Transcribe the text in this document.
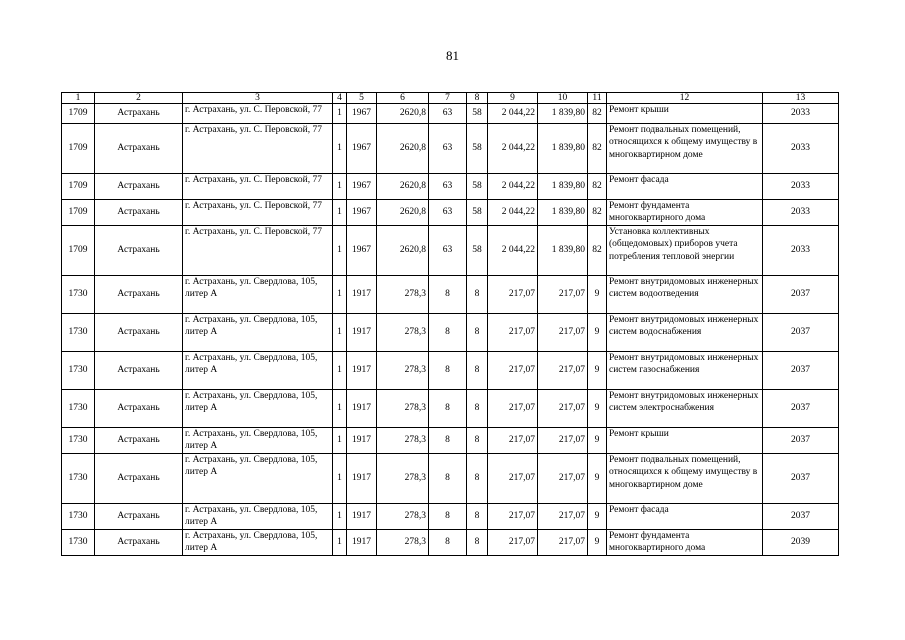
81
1	2	3	4	5	6	7	8	9	10	11	12	13
1709	Астрахань	г. Астрахань, ул. С. Перовской, 77	1	1967	2620,8	63	58	2 044,22	1 839,80	82	Ремонт крыши	2033
1709	Астрахань	г. Астрахань, ул. С. Перовской, 77	1	1967	2620,8	63	58	2 044,22	1 839,80	82	Ремонт подвальных помещений, относящихся к общему имуществу в многоквартирном доме	2033
1709	Астрахань	г. Астрахань, ул. С. Перовской, 77	1	1967	2620,8	63	58	2 044,22	1 839,80	82	Ремонт фасада	2033
1709	Астрахань	г. Астрахань, ул. С. Перовской, 77	1	1967	2620,8	63	58	2 044,22	1 839,80	82	Ремонт фундамента многоквартирного дома	2033
1709	Астрахань	г. Астрахань, ул. С. Перовской, 77	1	1967	2620,8	63	58	2 044,22	1 839,80	82	Установка коллективных (общедомовых) приборов учета потребления тепловой энергии	2033
1730	Астрахань	г. Астрахань, ул. Свердлова, 105, литер А	1	1917	278,3	8	8	217,07	217,07	9	Ремонт внутридомовых инженерных систем водоотведения	2037
1730	Астрахань	г. Астрахань, ул. Свердлова, 105, литер А	1	1917	278,3	8	8	217,07	217,07	9	Ремонт внутридомовых инженерных систем водоснабжения	2037
1730	Астрахань	г. Астрахань, ул. Свердлова, 105, литер А	1	1917	278,3	8	8	217,07	217,07	9	Ремонт внутридомовых инженерных систем газоснабжения	2037
1730	Астрахань	г. Астрахань, ул. Свердлова, 105, литер А	1	1917	278,3	8	8	217,07	217,07	9	Ремонт внутридомовых инженерных систем электроснабжения	2037
1730	Астрахань	г. Астрахань, ул. Свердлова, 105, литер А	1	1917	278,3	8	8	217,07	217,07	9	Ремонт крыши	2037
1730	Астрахань	г. Астрахань, ул. Свердлова, 105, литер А	1	1917	278,3	8	8	217,07	217,07	9	Ремонт подвальных помещений, относящихся к общему имуществу в многоквартирном доме	2037
1730	Астрахань	г. Астрахань, ул. Свердлова, 105, литер А	1	1917	278,3	8	8	217,07	217,07	9	Ремонт фасада	2037
1730	Астрахань	г. Астрахань, ул. Свердлова, 105, литер А	1	1917	278,3	8	8	217,07	217,07	9	Ремонт фундамента многоквартирного дома	2039
